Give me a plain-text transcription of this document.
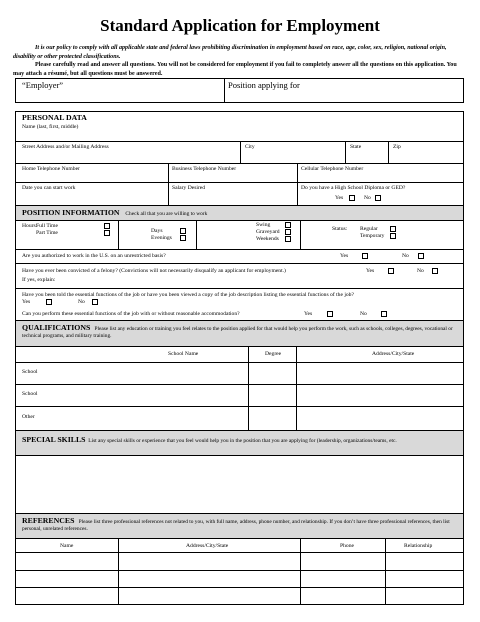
Standard Application for Employment
It is our policy to comply with all applicable state and federal laws prohibiting discrimination in employment based on race, age, color, sex, religion, national origin, disability or other protected classifications.
Please carefully read and answer all questions. You will not be considered for employment if you fail to completely answer all the questions on this application. You may attach a résumé, but all questions must be answered.
“Employer”	Position applying for
PERSONAL DATA
Name (last, first, middle)
Street Address and/or Mailing Address	City	State	Zip
Home Telephone Number	Business Telephone Number	Cellular Telephone Number
Date you can start work	Salary Desired	Do you have a High School Diploma or GED?
Yes	No
POSITION INFORMATION Check all that you are willing to work
Hours:
Full Time
Part Time	Days
Evenings
Swing
Graveyard
Weekends
Status: Regular
Temporary
Are you authorized to work in the U.S. on an unrestricted basis?	Yes	No
Have you ever been convicted of a felony? (Convictions will not necessarily disqualify an applicant for employment.)	Yes	No
If yes, explain:
Have you been told the essential functions of the job or have you been viewed a copy of the job description listing the essential functions of the job?
Yes	No
Can you perform these essential functions of the job with or without reasonable accommodation?	Yes	No
QUALIFICATIONS Please list any education or training you feel relates to the position applied for that would help you perform the work, such as schools, colleges, degrees, vocational or technical programs, and military training.
School Name	Degree	Address/City/State
School
School
Other
SPECIAL SKILLS List any special skills or experience that you feel would help you in the position that you are applying for (leadership, organizations/teams, etc.
REFERENCES Please list three professional references not related to you, with full name, address, phone number, and relationship. If you don’t have three professional references, then list personal, unrelated references.
Name	Address/City/State	Phone	Relationship
